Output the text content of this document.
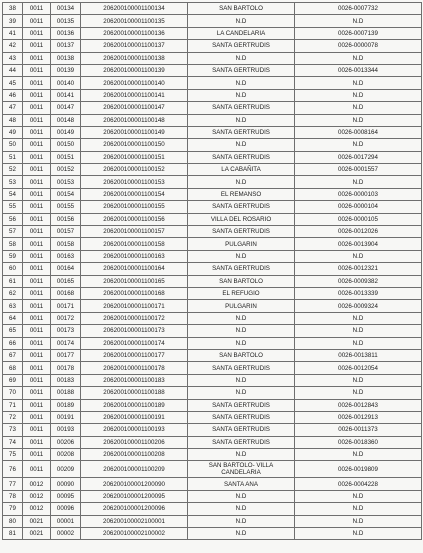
38	0011	00134	206200100001100134	SAN BARTOLO	0026-0007732
39	0011	00135	206200100001100135	N.D	N.D
41	0011	00136	206200100001100136	LA CANDELARIA	0026-0007139
42	0011	00137	206200100001100137	SANTA GERTRUDIS	0026-0000078
43	0011	00138	206200100001100138	N.D	N.D
44	0011	00139	206200100001100139	SANTA GERTRUDIS	0026-0013344
45	0011	00140	206200100001100140	N.D	N.D
46	0011	00141	206200100001100141	N.D	N.D
47	0011	00147	206200100001100147	SANTA GERTRUDIS	N.D
48	0011	00148	206200100001100148	N.D	N.D
49	0011	00149	206200100001100149	SANTA GERTRUDIS	0026-0008164
50	0011	00150	206200100001100150	N.D	N.D
51	0011	00151	206200100001100151	SANTA GERTRUDIS	0026-0017294
52	0011	00152	206200100001100152	LA CABAÑITA	0026-0001557
53	0011	00153	206200100001100153	N.D	N.D
54	0011	00154	206200100001100154	EL REMANSO	0026-0000103
55	0011	00155	206200100001100155	SANTA GERTRUDIS	0026-0000104
56	0011	00156	206200100001100156	VILLA DEL ROSARIO	0026-0000105
57	0011	00157	206200100001100157	SANTA GERTRUDIS	0026-0012026
58	0011	00158	206200100001100158	PULGARIN	0026-0013904
59	0011	00163	206200100001100163	N.D	N.D
60	0011	00164	206200100001100164	SANTA GERTRUDIS	0026-0012321
61	0011	00165	206200100001100165	SAN BARTOLO	0026-0009382
62	0011	00168	206200100001100168	EL REFUGIO	0026-0013339
63	0011	00171	206200100001100171	PULGARIN	0026-0009324
64	0011	00172	206200100001100172	N.D	N.D
65	0011	00173	206200100001100173	N.D	N.D
66	0011	00174	206200100001100174	N.D	N.D
67	0011	00177	206200100001100177	SAN BARTOLO	0026-0013811
68	0011	00178	206200100001100178	SANTA GERTRUDIS	0026-0012054
69	0011	00183	206200100001100183	N.D	N.D
70	0011	00188	206200100001100188	N.D	N.D
71	0011	00189	206200100001100189	SANTA GERTRUDIS	0026-0012843
72	0011	00191	206200100001100191	SANTA GERTRUDIS	0026-0012913
73	0011	00193	206200100001100193	SANTA GERTRUDIS	0026-0011373
74	0011	00206	206200100001100206	SANTA GERTRUDIS	0026-0018360
75	0011	00208	206200100001100208	N.D	N.D
76	0011	00209	206200100001100209	SAN BARTOLO- VILLA CANDELARIA	0026-0019809
77	0012	00090	206200100001200090	SANTA ANA	0026-0004228
78	0012	00095	206200100001200095	N.D	N.D
79	0012	00096	206200100001200096	N.D	N.D
80	0021	00001	206200100002100001	N.D	N.D
81	0021	00002	206200100002100002	N.D	N.D
